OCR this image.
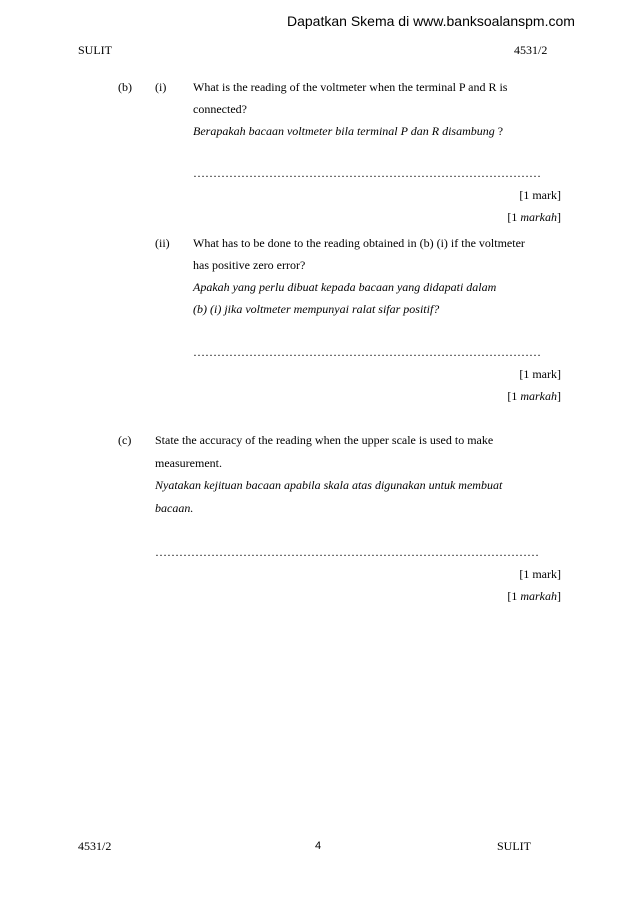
Dapatkan Skema di www.banksoalanspm.com
SULIT	4531/2
(b) (i) What is the reading of the voltmeter when the terminal P and R is
connected?
Berapakah bacaan voltmeter bila terminal P dan R disambung ?
……………………………………………………………………………
[1 mark]
[1 markah]
(ii) What has to be done to the reading obtained in (b) (i) if the voltmeter
has positive zero error?
Apakah yang perlu dibuat kepada bacaan yang didapati dalam
(b) (i) jika voltmeter mempunyai ralat sifar positif?
……………………………………………………………………………
[1 mark]
[1 markah]
(c) State the accuracy of the reading when the upper scale is used to make
measurement.
Nyatakan kejituan bacaan apabila skala atas digunakan untuk membuat
bacaan.
……………………………………………………………………………………
[1 mark]
[1 markah]
4531/2	4	SULIT
